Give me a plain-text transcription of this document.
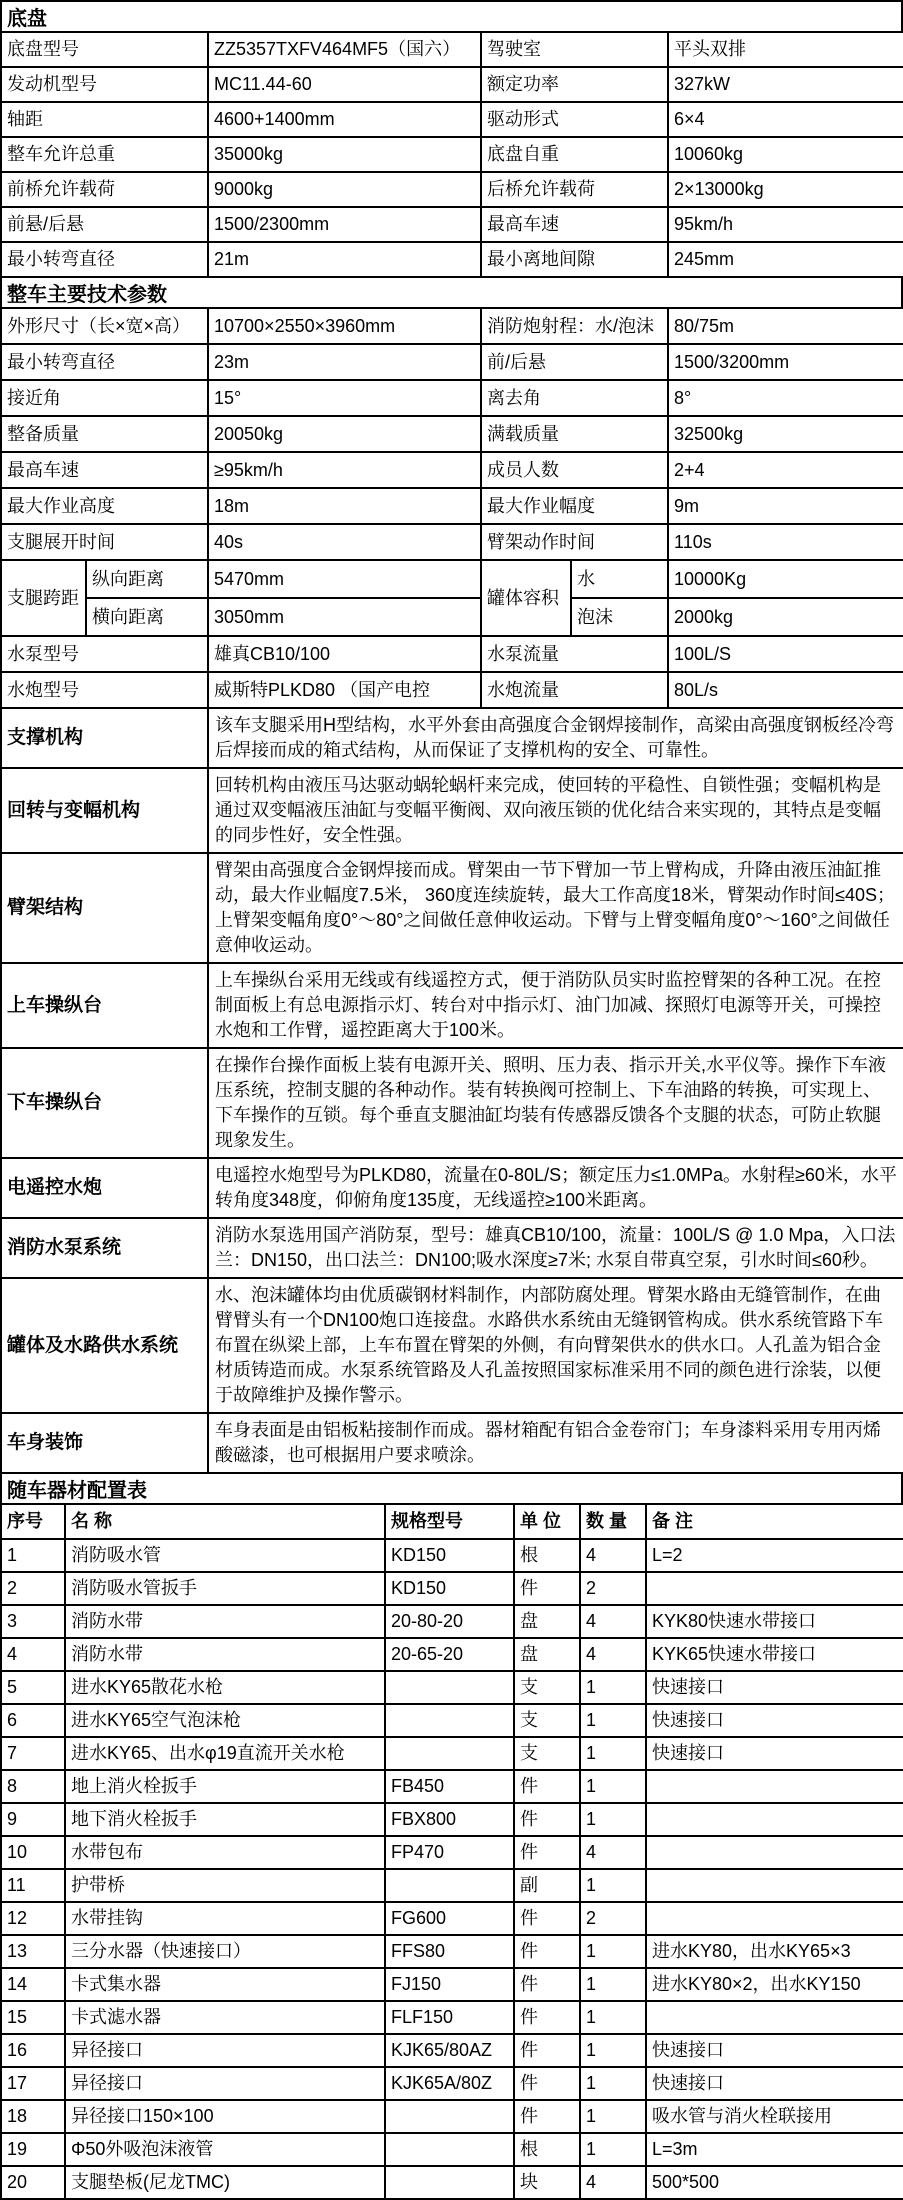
底盘
底盘型号	ZZ5357TXFV464MF5（国六）	驾驶室	平头双排
发动机型号	MC11.44-60	额定功率	327kW
轴距	4600+1400mm	驱动形式	6×4
整车允许总重	35000kg	底盘自重	10060kg
前桥允许载荷	9000kg	后桥允许载荷	2×13000kg
前悬/后悬	1500/2300mm	最高车速	95km/h
最小转弯直径	21m	最小离地间隙	245mm
整车主要技术参数
外形尺寸（长×宽×高）		10700×2550×3960mm	消防炮射程：水/泡沫		80/75m
最小转弯直径		23m	前/后悬		1500/3200mm
接近角		15°	离去角		8°
整备质量		20050kg	满载质量		32500kg
最高车速		≥95km/h	成员人数		2+4
最大作业高度		18m	最大作业幅度		9m
支腿展开时间		40s	臂架动作时间		110s
支腿跨距	纵向距离	5470mm	罐体容积	水	10000Kg
	横向距离	3050mm		泡沫	2000kg
水泵型号		雄真CB10/100	水泵流量		100L/S
水炮型号		威斯特PLKD80 （国产电控	水炮流量		80L/s
支撑机构	该车支腿采用H型结构，水平外套由高强度合金钢焊接制作，高梁由高强度钢板经冷弯后焊接而成的箱式结构，从而保证了支撑机构的安全、可靠性。
回转与变幅机构	回转机构由液压马达驱动蜗轮蜗杆来完成，使回转的平稳性、自锁性强；变幅机构是通过双变幅液压油缸与变幅平衡阀、双向液压锁的优化结合来实现的，其特点是变幅的同步性好，安全性强。
臂架结构	臂架由高强度合金钢焊接而成。臂架由一节下臂加一节上臂构成，升降由液压油缸推动，最大作业幅度7.5米， 360度连续旋转，最大工作高度18米，臂架动作时间≤40S；上臂架变幅角度0°～80°之间做任意伸收运动。下臂与上臂变幅角度0°～160°之间做任意伸收运动。
上车操纵台	上车操纵台采用无线或有线遥控方式，便于消防队员实时监控臂架的各种工况。在控制面板上有总电源指示灯、转台对中指示灯、油门加减、探照灯电源等开关，可操控水炮和工作臂，遥控距离大于100米。
下车操纵台	在操作台操作面板上装有电源开关、照明、压力表、指示开关,水平仪等。操作下车液压系统，控制支腿的各种动作。装有转换阀可控制上、下车油路的转换，可实现上、下车操作的互锁。每个垂直支腿油缸均装有传感器反馈各个支腿的状态，可防止软腿现象发生。
电遥控水炮	电遥控水炮型号为PLKD80，流量在0-80L/S；额定压力≤1.0MPa。水射程≥60米，水平转角度348度，仰俯角度135度，无线遥控≥100米距离。
消防水泵系统	消防水泵选用国产消防泵，型号：雄真CB10/100，流量：100L/S @ 1.0 Mpa，入口法兰：DN150，出口法兰：DN100;吸水深度≥7米; 水泵自带真空泵，引水时间≤60秒。
罐体及水路供水系统	水、泡沫罐体均由优质碳钢材料制作，内部防腐处理。臂架水路由无缝管制作，在曲臂臂头有一个DN100炮口连接盘。水路供水系统由无缝钢管构成。供水系统管路下车布置在纵梁上部，上车布置在臂架的外侧，有向臂架供水的供水口。人孔盖为铝合金材质铸造而成。水泵系统管路及人孔盖按照国家标准采用不同的颜色进行涂装，以便于故障维护及操作警示。
车身装饰	车身表面是由铝板粘接制作而成。器材箱配有铝合金卷帘门；车身漆料采用专用丙烯酸磁漆，也可根据用户要求喷涂。
随车器材配置表
序号	名 称	规格型号	单 位	数 量	备 注
1	消防吸水管	KD150	根	4	L=2
2	消防吸水管扳手	KD150	件	2	
3	消防水带	20-80-20	盘	4	KYK80快速水带接口
4	消防水带	20-65-20	盘	4	KYK65快速水带接口
5	进水KY65散花水枪		支	1	快速接口
6	进水KY65空气泡沫枪		支	1	快速接口
7	进水KY65、出水φ19直流开关水枪		支	1	快速接口
8	地上消火栓扳手	FB450	件	1	
9	地下消火栓扳手	FBX800	件	1	
10	水带包布	FP470	件	4	
11	护带桥		副	1	
12	水带挂钩	FG600	件	2	
13	三分水器（快速接口）	FFS80	件	1	进水KY80，出水KY65×3
14	卡式集水器	FJ150	件	1	进水KY80×2，出水KY150
15	卡式滤水器	FLF150	件	1	
16	异径接口	KJK65/80AZ	件	1	快速接口
17	异径接口	KJK65A/80Z	件	1	快速接口
18	异径接口150×100		件	1	吸水管与消火栓联接用
19	Φ50外吸泡沫液管		根	1	L=3m
20	支腿垫板(尼龙TMC)		块	4	500*500
